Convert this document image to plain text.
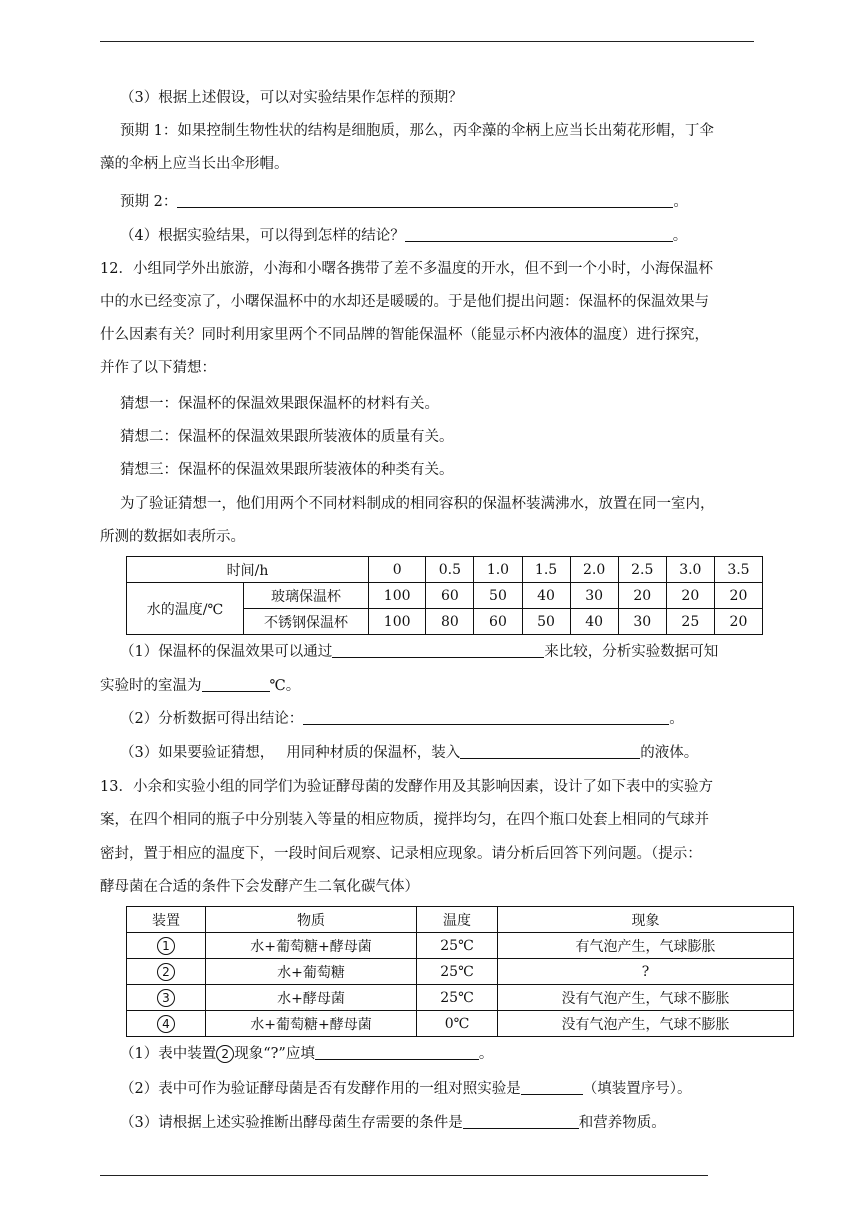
（3）根据上述假设，可以对实验结果作怎样的预期？
预期 1：如果控制生物性状的结构是细胞质，那么，丙伞藻的伞柄上应当长出菊花形帽，丁伞
藻的伞柄上应当长出伞形帽。
预期 2：	。
（4）根据实验结果，可以得到怎样的结论？	。
12．小组同学外出旅游，小海和小曙各携带了差不多温度的开水，但不到一个小时，小海保温杯
中的水已经变凉了，小曙保温杯中的水却还是暖暖的。于是他们提出问题：保温杯的保温效果与
什么因素有关？同时利用家里两个不同品牌的智能保温杯（能显示杯内液体的温度）进行探究，
并作了以下猜想：
猜想一：保温杯的保温效果跟保温杯的材料有关。
猜想二：保温杯的保温效果跟所装液体的质量有关。
猜想三：保温杯的保温效果跟所装液体的种类有关。
为了验证猜想一，他们用两个不同材料制成的相同容积的保温杯装满沸水，放置在同一室内，
所测的数据如表所示。
时间/h		0	0.5	1.0	1.5	2.0	2.5	3.0	3.5
水的温度/℃	玻璃保温杯	100	60	50	40	30	20	20	20
	不锈钢保温杯	100	80	60	50	40	30	25	20
（1）保温杯的保温效果可以通过	来比较，分析实验数据可知
实验时的室温为	℃。
（2）分析数据可得出结论：	。
（3）如果要验证猜想， 用同种材质的保温杯，装入	的液体。
13．小余和实验小组的同学们为验证酵母菌的发酵作用及其影响因素，设计了如下表中的实验方
案，在四个相同的瓶子中分别装入等量的相应物质，搅拌均匀，在四个瓶口处套上相同的气球并
密封，置于相应的温度下，一段时间后观察、记录相应现象。请分析后回答下列问题。（提示：
酵母菌在合适的条件下会发酵产生二氧化碳气体）
装置	物质	温度	现象
1	水+葡萄糖+酵母菌	25℃	有气泡产生，气球膨胀
2	水+葡萄糖	25℃	?
3	水+酵母菌	25℃	没有气泡产生，气球不膨胀
4	水+葡萄糖+酵母菌	0℃	没有气泡产生，气球不膨胀
（1）表中装置 2 现象“?”应填	。
（2）表中可作为验证酵母菌是否有发酵作用的一组对照实验是	（填装置序号）。
（3）请根据上述实验推断出酵母菌生存需要的条件是	和营养物质。
